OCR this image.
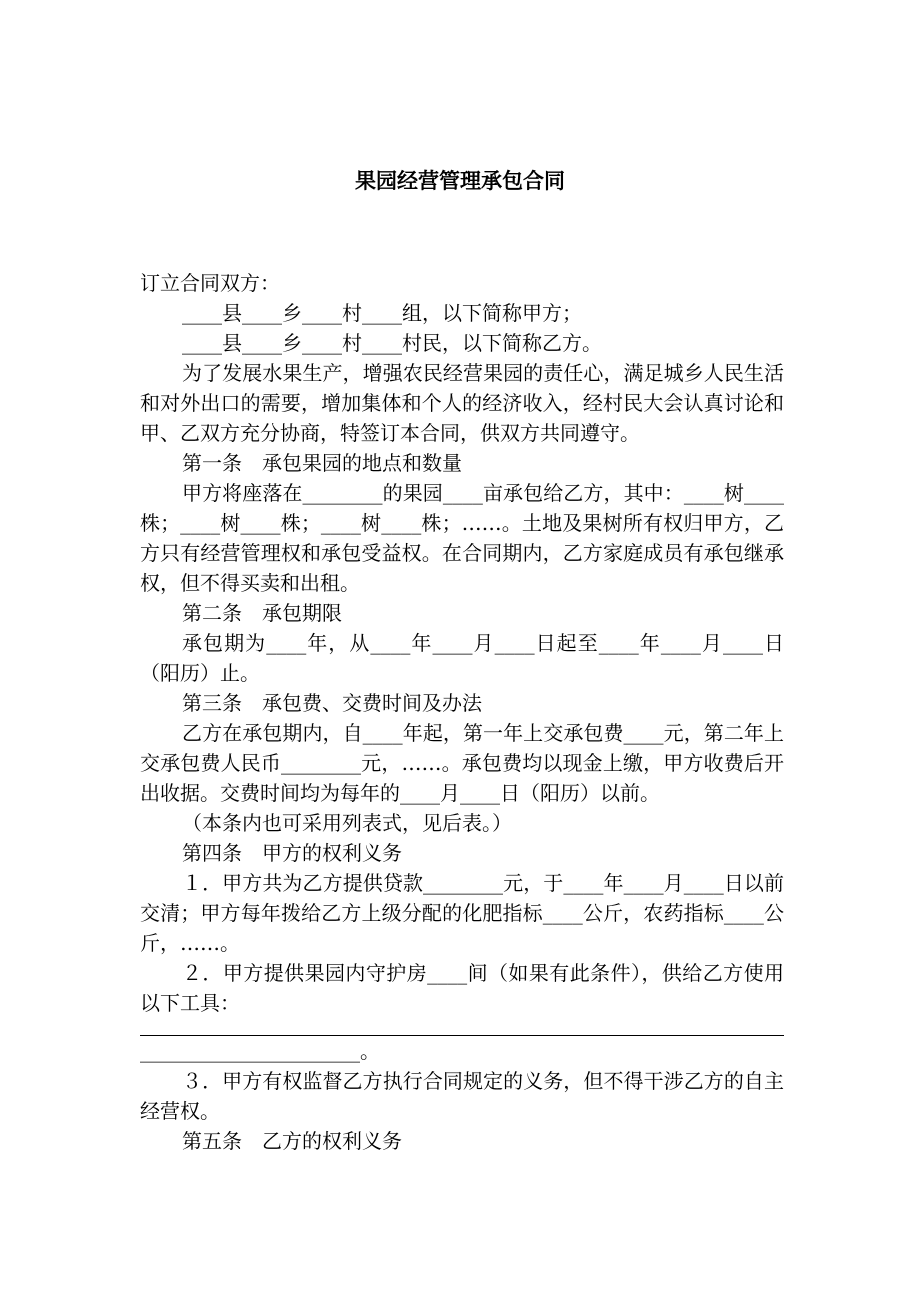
果园经营管理承包合同

订立合同双方：

____县____乡____村____组，以下简称甲方；

____县____乡____村____村民，以下简称乙方。

为了发展水果生产，增强农民经营果园的责任心，满足城乡人民生活和对外出口的需要，增加集体和个人的经济收入，经村民大会认真讨论和甲、乙双方充分协商，特签订本合同，供双方共同遵守。

第一条　承包果园的地点和数量

甲方将座落在________的果园____亩承包给乙方，其中：____树____株；____树____株；____树____株；……。土地及果树所有权归甲方，乙方只有经营管理权和承包受益权。在合同期内，乙方家庭成员有承包继承权，但不得买卖和出租。

第二条　承包期限

承包期为____年，从____年____月____日起至____年____月____日（阳历）止。

第三条　承包费、交费时间及办法

乙方在承包期内，自____年起，第一年上交承包费____元，第二年上交承包费人民币________元，……。承包费均以现金上缴，甲方收费后开出收据。交费时间均为每年的____月____日（阳历）以前。

（本条内也可采用列表式，见后表。）

第四条　甲方的权利义务

１．甲方共为乙方提供贷款________元，于____年____月____日以前交清；甲方每年拨给乙方上级分配的化肥指标____公斤，农药指标____公斤，……。

２．甲方提供果园内守护房____间（如果有此条件），供给乙方使用以下工具：

______________________。

３．甲方有权监督乙方执行合同规定的义务，但不得干涉乙方的自主经营权。

第五条　乙方的权利义务
